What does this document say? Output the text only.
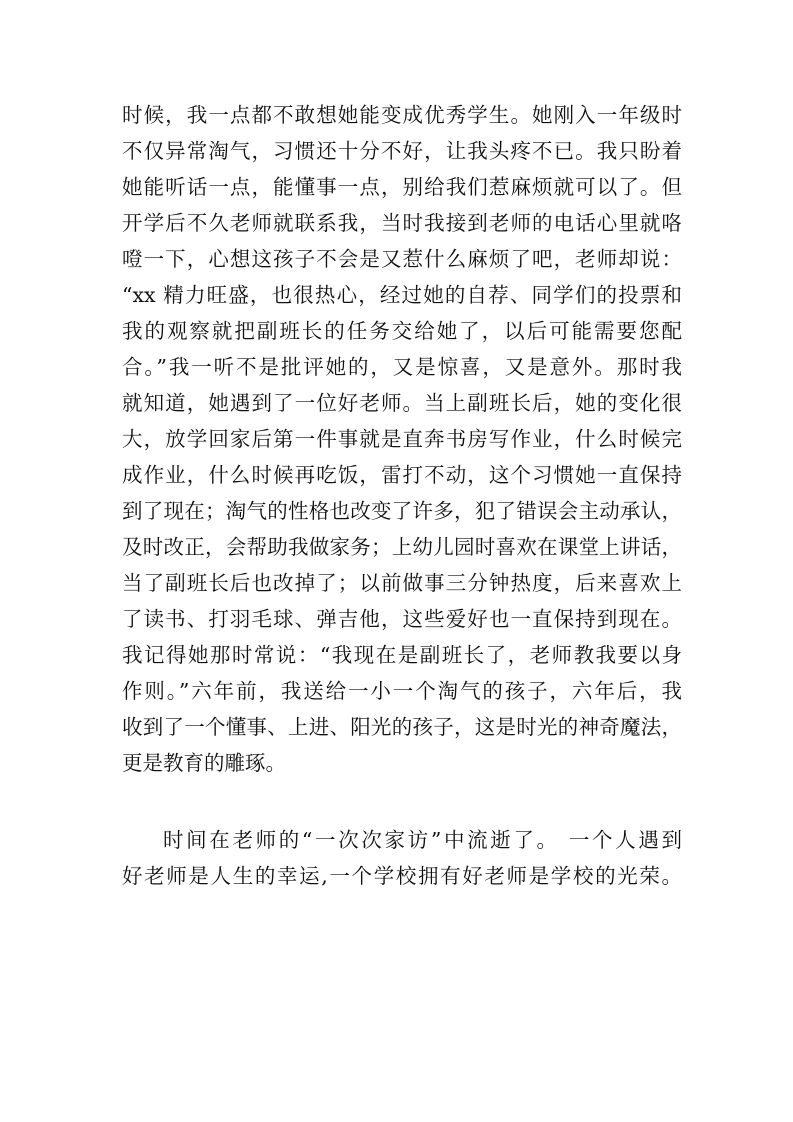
时候，我一点都不敢想她能变成优秀学生。她刚入一年级时
不仅异常淘气，习惯还十分不好，让我头疼不已。我只盼着
她能听话一点，能懂事一点，别给我们惹麻烦就可以了。但
开学后不久老师就联系我，当时我接到老师的电话心里就咯
噔一下，心想这孩子不会是又惹什么麻烦了吧，老师却说：
“xx 精力旺盛，也很热心，经过她的自荐、同学们的投票和
我的观察就把副班长的任务交给她了，以后可能需要您配
合。”我一听不是批评她的，又是惊喜，又是意外。那时我
就知道，她遇到了一位好老师。当上副班长后，她的变化很
大，放学回家后第一件事就是直奔书房写作业，什么时候完
成作业，什么时候再吃饭，雷打不动，这个习惯她一直保持
到了现在；淘气的性格也改变了许多，犯了错误会主动承认，
及时改正，会帮助我做家务；上幼儿园时喜欢在课堂上讲话，
当了副班长后也改掉了；以前做事三分钟热度，后来喜欢上
了读书、打羽毛球、弹吉他，这些爱好也一直保持到现在。
我记得她那时常说：“我现在是副班长了，老师教我要以身
作则。”六年前，我送给一小一个淘气的孩子，六年后，我
收到了一个懂事、上进、阳光的孩子，这是时光的神奇魔法，
更是教育的雕琢。
时间在老师的“一次次家访”中流逝了。 一个人遇到
好老师是人生的幸运,一个学校拥有好老师是学校的光荣。
